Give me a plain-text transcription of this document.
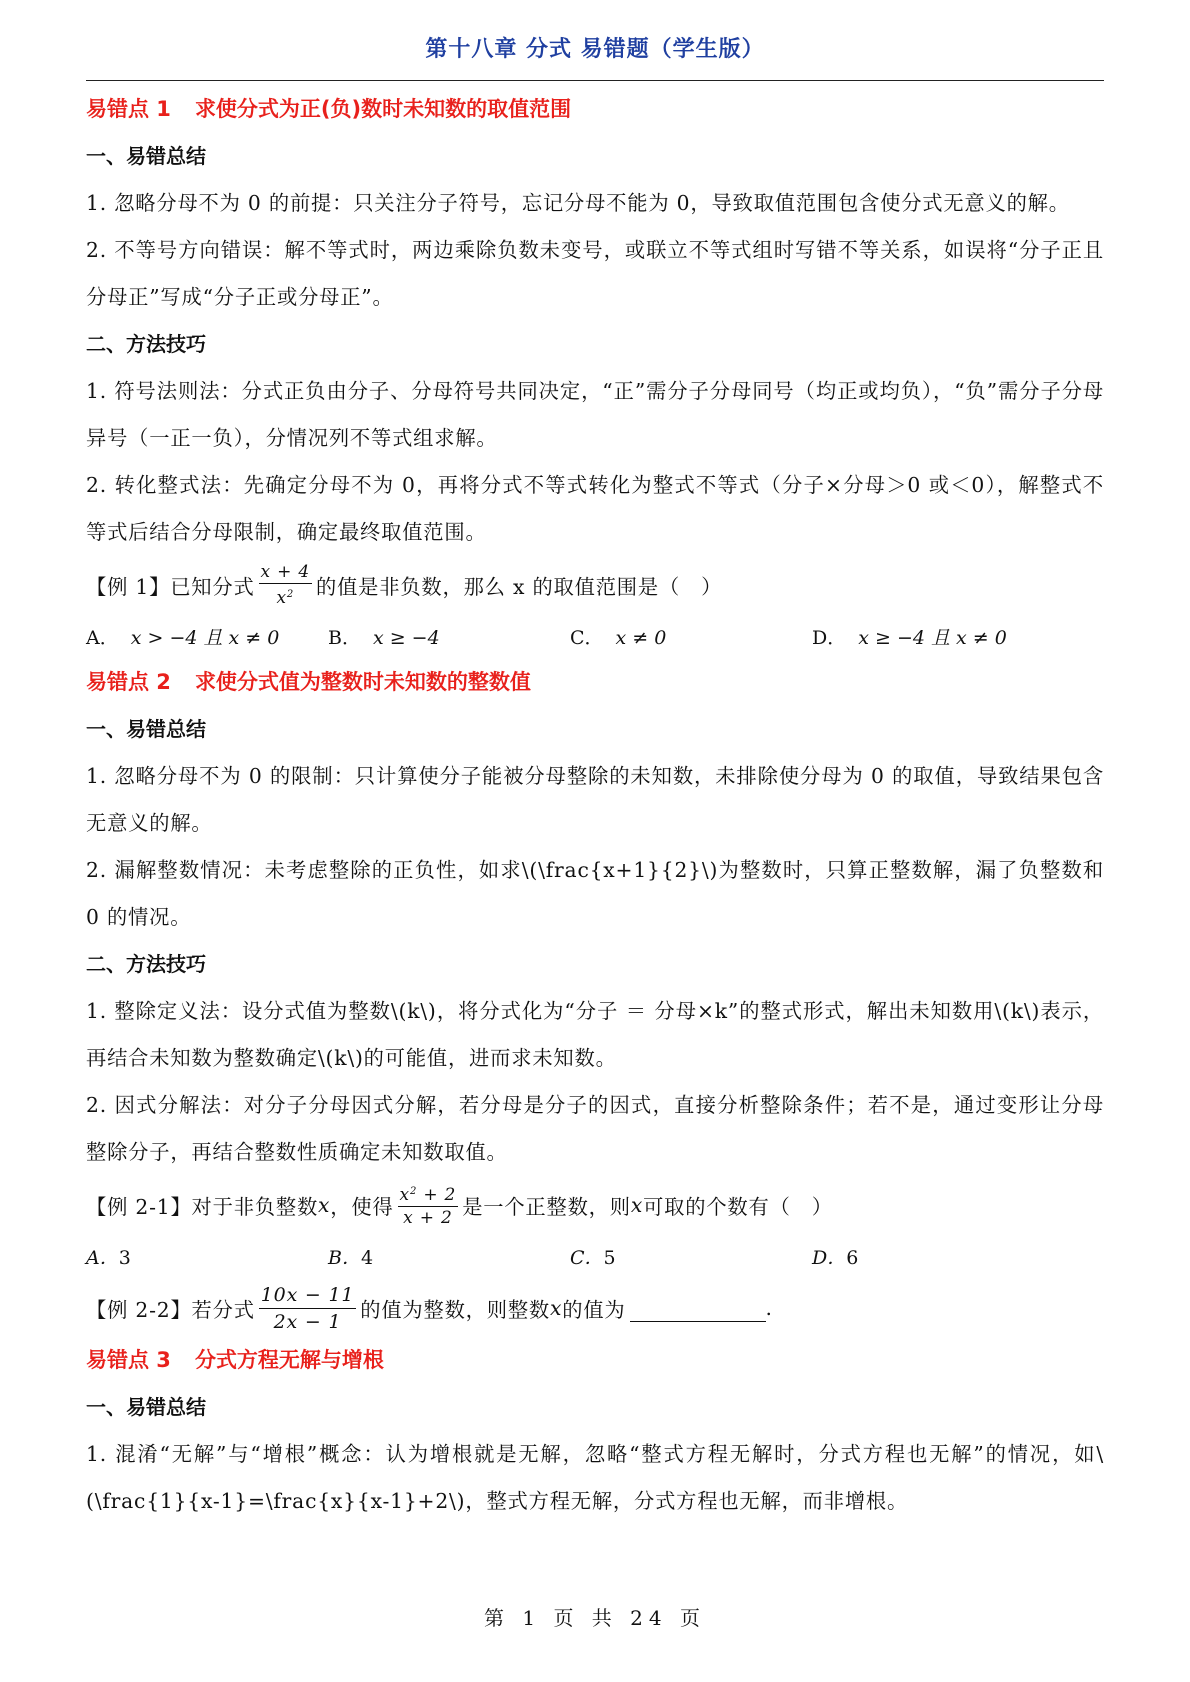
第十八章 分式 易错题（学生版）
易错点 1 求使分式为正(负)数时未知数的取值范围
一、易错总结
1. 忽略分母不为 0 的前提：只关注分子符号，忘记分母不能为 0，导致取值范围包含使分式无意义的解。
2. 不等号方向错误：解不等式时，两边乘除负数未变号，或联立不等式组时写错不等关系，如误将“分子正且分母正”写成“分子正或分母正”。
二、方法技巧
1. 符号法则法：分式正负由分子、分母符号共同决定，“正”需分子分母同号（均正或均负），“负”需分子分母异号（一正一负），分情况列不等式组求解。
2. 转化整式法：先确定分母不为 0，再将分式不等式转化为整式不等式（分子×分母＞0 或＜0），解整式不等式后结合分母限制，确定最终取值范围。
【例 1】已知分式 $\frac{x + 4}{x^2}$ 的值是非负数，那么 x 的取值范围是（　）
A． x > −4 且 x ≠ 0	B． x ≥ −4	C． x ≠ 0	D． x ≥ −4 且 x ≠ 0
易错点 2 求使分式值为整数时未知数的整数值
一、易错总结
1. 忽略分母不为 0 的限制：只计算使分子能被分母整除的未知数，未排除使分母为 0 的取值，导致结果包含无意义的解。
2. 漏解整数情况：未考虑整除的正负性，如求\(\frac{x+1}{2}\)为整数时，只算正整数解，漏了负整数和 0 的情况。
二、方法技巧
1. 整除定义法：设分式值为整数\(k\)，将分式化为“分子 ＝ 分母×k”的整式形式，解出未知数用\(k\)表示，再结合未知数为整数确定\(k\)的可能值，进而求未知数。
2. 因式分解法：对分子分母因式分解，若分母是分子的因式，直接分析整除条件；若不是，通过变形让分母整除分子，再结合整数性质确定未知数取值。
【例 2-1】对于非负整数 x ，使得 $\frac{x^2 + 2}{x + 2}$ 是一个正整数，则 x 可取的个数有（　）
A．3	B．4	C．5	D．6
【例 2-2】若分式 $\frac{10x - 11}{2x - 1}$ 的值为整数，则整数 x 的值为	.
易错点 3 分式方程无解与增根
一、易错总结
1. 混淆“无解”与“增根”概念：认为增根就是无解，忽略“整式方程无解时，分式方程也无解”的情况，如\(\frac{1}{x-1}=\frac{x}{x-1}+2\)，整式方程无解，分式方程也无解，而非增根。
第 1 页 共 24 页
